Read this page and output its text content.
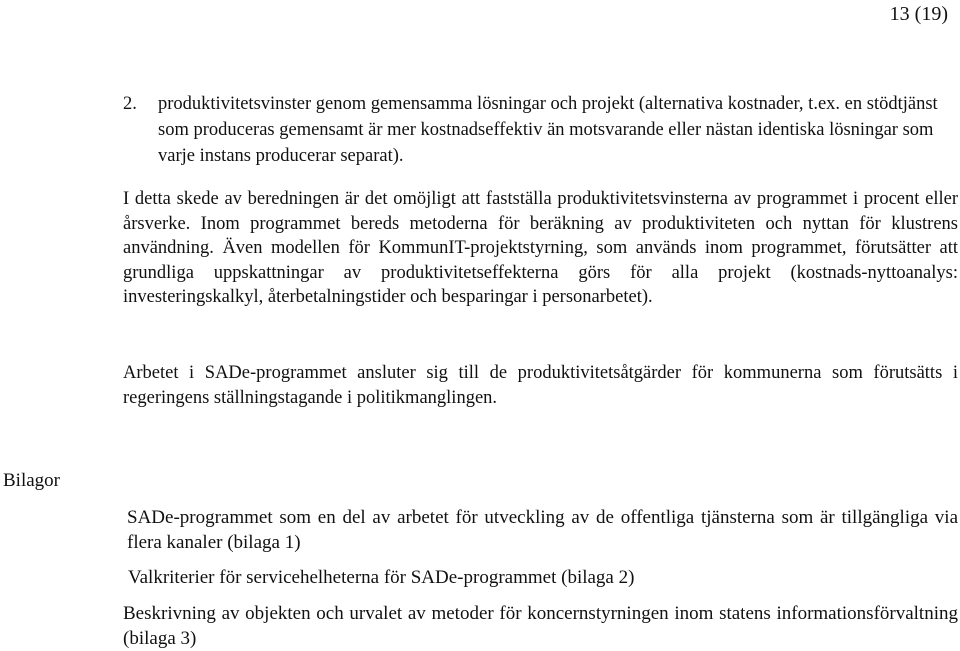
13 (19)
2. produktivitetsvinster genom gemensamma lösningar och projekt (alternativa kostnader, t.ex. en stödtjänst som produceras gemensamt är mer kostnadseffektiv än motsvarande eller nästan identiska lösningar som varje instans producerar separat).
I detta skede av beredningen är det omöjligt att fastställa produktivitetsvinsterna av programmet i procent eller årsverke. Inom programmet bereds metoderna för beräkning av produktiviteten och nyttan för klustrens användning. Även modellen för KommunIT-projektstyrning, som används inom programmet, förutsätter att grundliga uppskattningar av produktivitetseffekterna görs för alla projekt (kostnads-nyttoanalys: investeringskalkyl, återbetalningstider och besparingar i personarbetet).
Arbetet i SADe-programmet ansluter sig till de produktivitetsåtgärder för kommunerna som förutsätts i regeringens ställningstagande i politikmanglingen.
Bilagor
SADe-programmet som en del av arbetet för utveckling av de offentliga tjänsterna som är tillgängliga via flera kanaler (bilaga 1)
Valkriterier för servicehelheterna för SADe-programmet (bilaga 2)
Beskrivning av objekten och urvalet av metoder för koncernstyrningen inom statens informationsförvaltning (bilaga 3)
